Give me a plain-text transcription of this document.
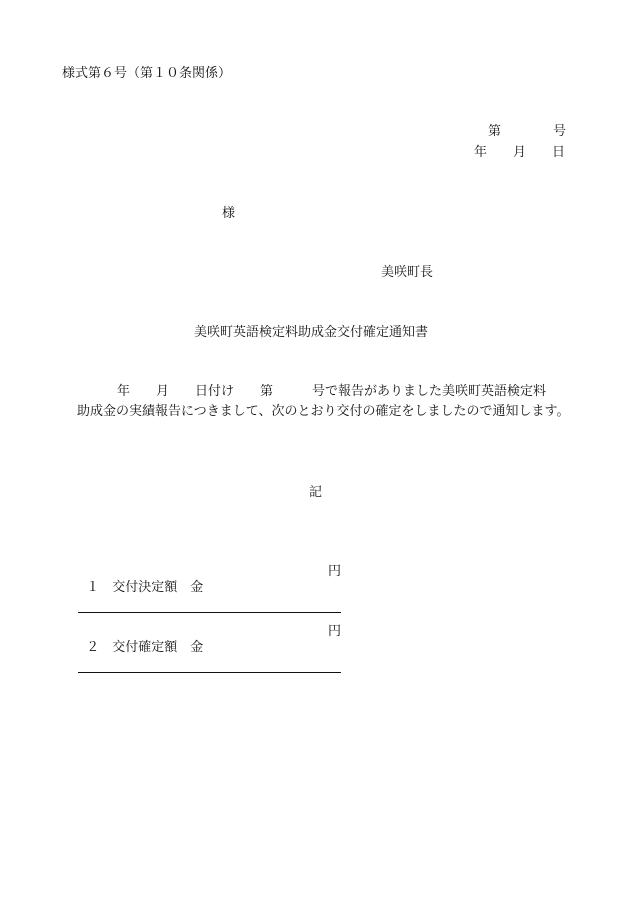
様式第６号（第１０条関係）
第　　　　号
年　　月　　日
様
美咲町長
美咲町英語検定料助成金交付確定通知書
年　　月　　日付け　　第　　　号で報告がありました美咲町英語検定料
助成金の実績報告につきまして、次のとおり交付の確定をしましたので通知します。
記

１　交付決定額　金

円

２　交付確定額　金

円
